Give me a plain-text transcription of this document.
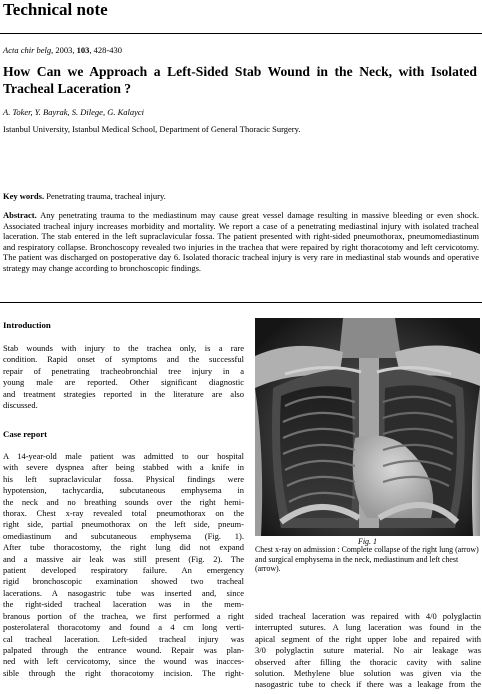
Technical note
Acta chir belg, 2003, 103, 428-430
How Can we Approach a Left-Sided Stab Wound in the Neck, with Isolated Tracheal Laceration ?
A. Toker, Y. Bayrak, S. Dilege, G. Kalayci
Istanbul University, Istanbul Medical School, Department of General Thoracic Surgery.
Key words. Penetrating trauma, tracheal injury.
Abstract. Any penetrating trauma to the mediastinum may cause great vessel damage resulting in massive bleeding or even shock. Associated tracheal injury increases morbidity and mortality. We report a case of a penetrating mediastinal injury with isolated tracheal laceration. The stab entered in the left supraclavicular fossa. The patient presented with right-sided pneumothorax, pneumomediastinum and respiratory collapse. Bronchoscopy revealed two injuries in the trachea that were repaired by right thoracotomy and left cervicotomy. The patient was discharged on postoperative day 6. Isolated thoracic tracheal injury is very rare in mediastinal stab wounds and operative strategy may change according to bronchoscopic findings.
Introduction
Stab wounds with injury to the trachea only, is a rare
condition. Rapid onset of symptoms and the successful
repair of penetrating tracheobronchial tree injury in a
young male are reported. Other significant diagnostic
and treatment strategies reported in the literature are also
discussed.
Case report
A 14-year-old male patient was admitted to our hospital
with severe dyspnea after being stabbed with a knife in
his left supraclavicular fossa. Physical findings were
hypotension, tachycardia, subcutaneous emphysema in
the neck and no breathing sounds over the right hemi-
thorax. Chest x-ray revealed total pneumothorax on the
right side, partial pneumothorax on the left side, pneum-
omediastinum and subcutaneous emphysema (Fig. 1).
After tube thoracostomy, the right lung did not expand
and a massive air leak was still present (Fig. 2). The
patient developed respiratory failure. An emergency
rigid bronchoscopic examination showed two tracheal
lacerations. A nasogastric tube was inserted and, since
the right-sided tracheal laceration was in the mem-
branous portion of the trachea, we first performed a right
posterolateral thoracotomy and found a 4 cm long verti-
cal tracheal laceration. Left-sided tracheal injury was
palpated through the entrance wound. Repair was plan-
ned with left cervicotomy, since the wound was inacces-
sible through the right thoracotomy incision. The right-
Fig. 1
Chest x-ray on admission : Complete collapse of the right lung (arrow) and surgical emphysema in the neck, mediastinum and left chest (arrow).
sided tracheal laceration was repaired with 4/0 polyglactin
interrupted sutures. A lung laceration was found in the
apical segment of the right upper lobe and repaired with
3/0 polyglactin suture material. No air leakage was
observed after filling the thoracic cavity with saline
solution. Methylene blue solution was given via the
nasogastric tube to check if there was a leakage from the
